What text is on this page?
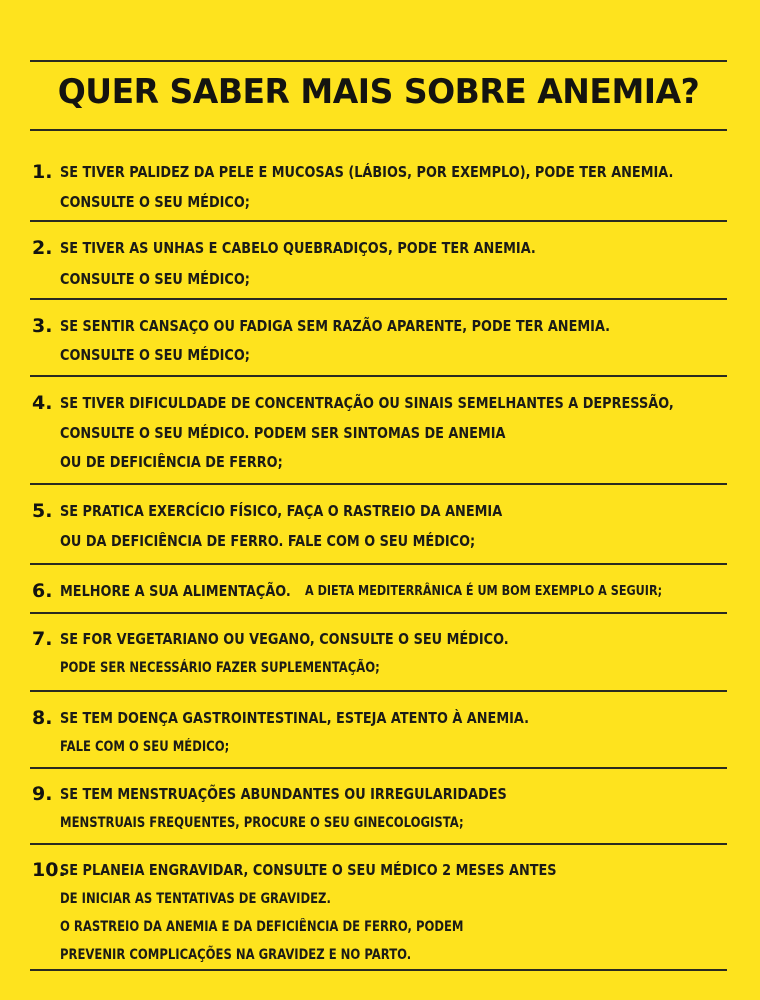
QUER SABER MAIS SOBRE ANEMIA?
1. SE TIVER PALIDEZ DA PELE E MUCOSAS (LÁBIOS, POR EXEMPLO), PODE TER ANEMIA.
CONSULTE O SEU MÉDICO;
2. SE TIVER AS UNHAS E CABELO QUEBRADIÇOS, PODE TER ANEMIA.
CONSULTE O SEU MÉDICO;
3. SE SENTIR CANSAÇO OU FADIGA SEM RAZÃO APARENTE, PODE TER ANEMIA.
CONSULTE O SEU MÉDICO;
4. SE TIVER DIFICULDADE DE CONCENTRAÇÃO OU SINAIS SEMELHANTES A DEPRESSÃO,
CONSULTE O SEU MÉDICO. PODEM SER SINTOMAS DE ANEMIA
OU DE DEFICIÊNCIA DE FERRO;
5. SE PRATICA EXERCÍCIO FÍSICO, FAÇA O RASTREIO DA ANEMIA
OU DA DEFICIÊNCIA DE FERRO. FALE COM O SEU MÉDICO;
6. MELHORE A SUA ALIMENTAÇÃO. A DIETA MEDITERRÂNICA É UM BOM EXEMPLO A SEGUIR;
7. SE FOR VEGETARIANO OU VEGANO, CONSULTE O SEU MÉDICO.
PODE SER NECESSÁRIO FAZER SUPLEMENTAÇÃO;
8. SE TEM DOENÇA GASTROINTESTINAL, ESTEJA ATENTO À ANEMIA.
FALE COM O SEU MÉDICO;
9. SE TEM MENSTRUAÇÕES ABUNDANTES OU IRREGULARIDADES
MENSTRUAIS FREQUENTES, PROCURE O SEU GINECOLOGISTA;
10.
SE PLANEIA ENGRAVIDAR, CONSULTE O SEU MÉDICO 2 MESES ANTES
DE INICIAR AS TENTATIVAS DE GRAVIDEZ.
O RASTREIO DA ANEMIA E DA DEFICIÊNCIA DE FERRO, PODEM
PREVENIR COMPLICAÇÕES NA GRAVIDEZ E NO PARTO.
